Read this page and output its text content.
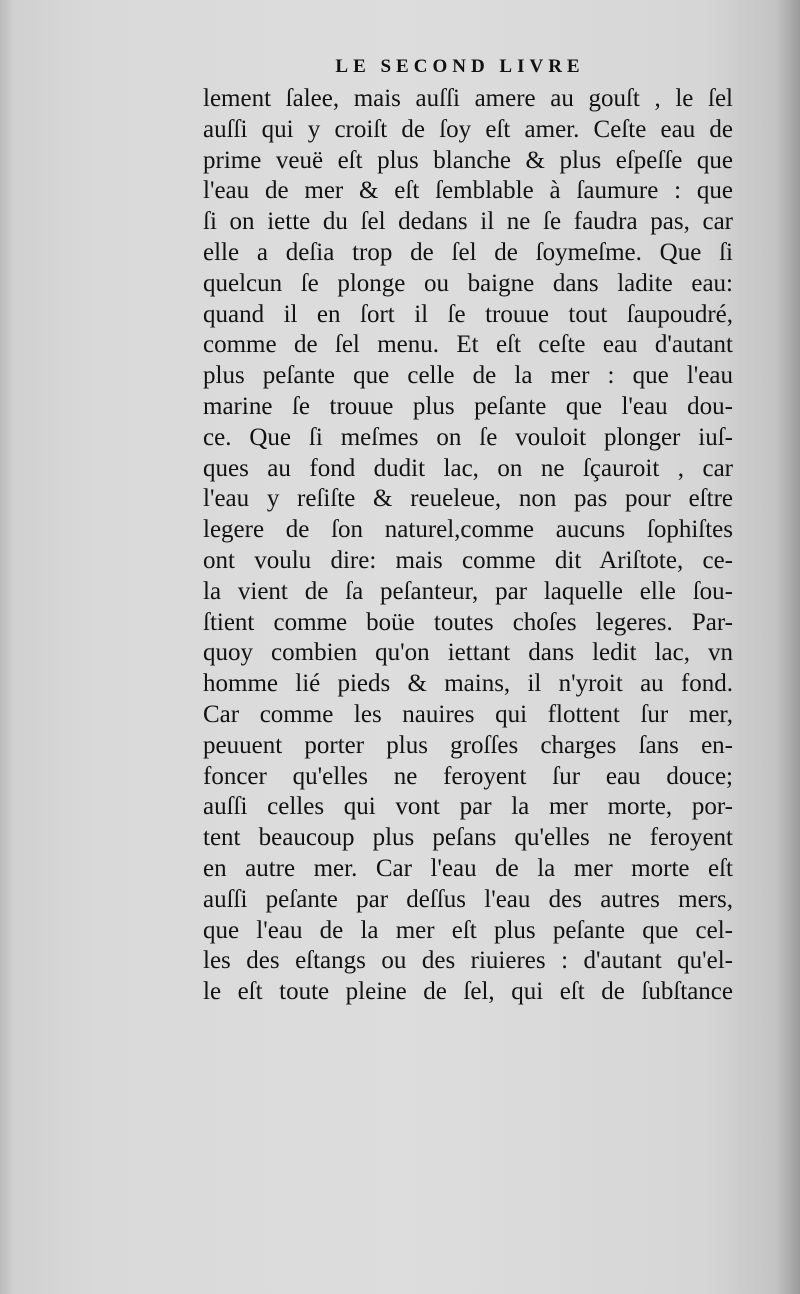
LE SECOND LIVRE
lement ſalee, mais auſſi amere au gouſt , le ſel
auſſi qui y croiſt de ſoy eſt amer. Ceſte eau de
prime veuë eſt plus blanche & plus eſpeſſe que
l'eau de mer & eſt ſemblable à ſaumure : que
ſi on iette du ſel dedans il ne ſe faudra pas, car
elle a deſia trop de ſel de ſoymeſme. Que ſi
quelcun ſe plonge ou baigne dans ladite eau:
quand il en ſort il ſe trouue tout ſaupoudré,
comme de ſel menu. Et eſt ceſte eau d'autant
plus peſante que celle de la mer : que l'eau
marine ſe trouue plus peſante que l'eau dou-
ce. Que ſi meſmes on ſe vouloit plonger iuſ-
ques au fond dudit lac, on ne ſçauroit , car
l'eau y reſiſte & reueleue, non pas pour eſtre
legere de ſon naturel,comme aucuns ſophiſtes
ont voulu dire: mais comme dit Ariſtote, ce-
la vient de ſa peſanteur, par laquelle elle ſou-
ſtient comme boüe toutes choſes legeres. Par-
quoy combien qu'on iettant dans ledit lac, vn
homme lié pieds & mains, il n'yroit au fond.
Car comme les nauires qui flottent ſur mer,
peuuent porter plus groſſes charges ſans en-
foncer qu'elles ne feroyent ſur eau douce;
auſſi celles qui vont par la mer morte, por-
tent beaucoup plus peſans qu'elles ne feroyent
en autre mer. Car l'eau de la mer morte eſt
auſſi peſante par deſſus l'eau des autres mers,
que l'eau de la mer eſt plus peſante que cel-
les des eſtangs ou des riuieres : d'autant qu'el-
le eſt toute pleine de ſel, qui eſt de ſubſtance
